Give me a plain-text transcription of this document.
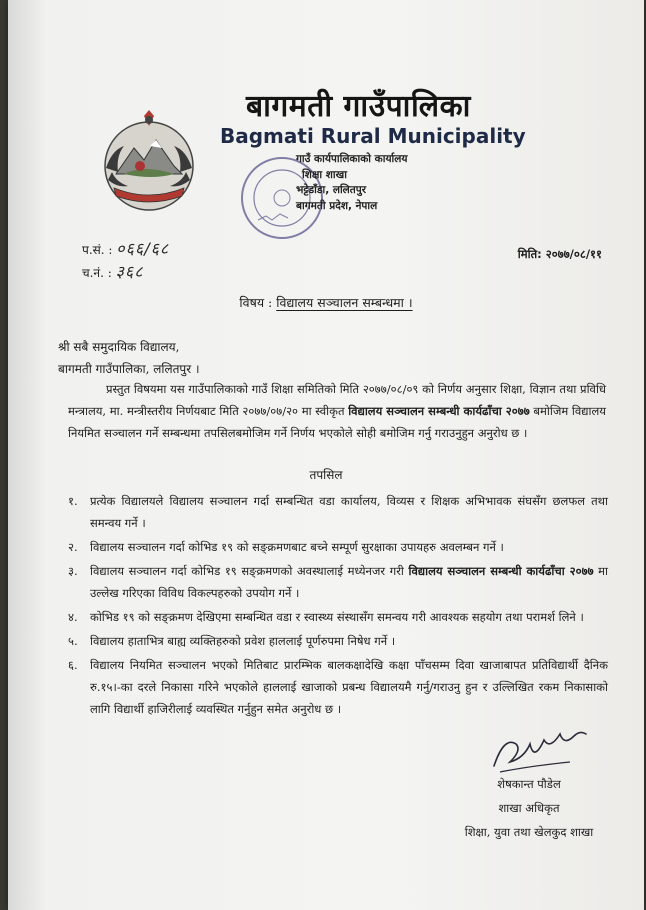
बागमती गाउँपालिका
Bagmati Rural Municipality
गाउँ कार्यपालिकाको कार्यालय
शिक्षा शाखा
भट्टेडाँडा, ललितपुर
बागमती प्रदेश, नेपाल
प.सं. : ०६६/६८
च.नं. : ३६८
मिति: २०७७/०८/११
विषय : विद्यालय सञ्चालन सम्बन्धमा ।
श्री सबै समुदायिक विद्यालय,
बागमती गाउँपालिका, ललितपुर ।
प्रस्तुत विषयमा यस गाउँपालिकाको गाउँ शिक्षा समितिको मिति २०७७/०८/०९ को निर्णय अनुसार शिक्षा, विज्ञान तथा प्रविधि मन्त्रालय, मा. मन्त्रीस्तरीय निर्णयबाट मिति २०७७/०७/२० मा स्वीकृत विद्यालय सञ्चालन सम्बन्धी कार्यढाँचा २०७७ बमोजिम विद्यालय नियमित सञ्चालन गर्ने सम्बन्धमा तपसिलबमोजिम गर्ने निर्णय भएकोले सोही बमोजिम गर्नु गराउनुहुन अनुरोध छ ।
तपसिल
१. प्रत्येक विद्यालयले विद्यालय सञ्चालन गर्दा सम्बन्धित वडा कार्यालय, विव्यस र शिक्षक अभिभावक संघसँग छलफल तथा समन्वय गर्ने ।
२. विद्यालय सञ्चालन गर्दा कोभिड १९ को सङ्क्रमणबाट बच्ने सम्पूर्ण सुरक्षाका उपायहरु अवलम्बन गर्ने ।
३. विद्यालय सञ्चालन गर्दा कोभिड १९ सङ्क्रमणको अवस्थालाई मध्येनजर गरी विद्यालय सञ्चालन सम्बन्धी कार्यढाँचा २०७७ मा उल्लेख गरिएका विविध विकल्पहरुको उपयोग गर्ने ।
४. कोभिड १९ को सङ्क्रमण देखिएमा सम्बन्धित वडा र स्वास्थ्य संस्थासँग समन्वय गरी आवश्यक सहयोग तथा परामर्श लिने ।
५. विद्यालय हाताभित्र बाह्य व्यक्तिहरुको प्रवेश हाललाई पूर्णरुपमा निषेध गर्ने ।
६. विद्यालय नियमित सञ्चालन भएको मितिबाट प्रारम्भिक बालकक्षादेखि कक्षा पाँचसम्म दिवा खाजाबापत प्रतिविद्यार्थी दैनिक रु.१५।-का दरले निकासा गरिने भएकोले हाललाई खाजाको प्रबन्ध विद्यालयमै गर्नु/गराउनु हुन र उल्लिखित रकम निकासाको लागि विद्यार्थी हाजिरीलाई व्यवस्थित गर्नुहुन समेत अनुरोध छ ।
शेषकान्त पौडेल
शाखा अधिकृत
शिक्षा, युवा तथा खेलकुद शाखा
